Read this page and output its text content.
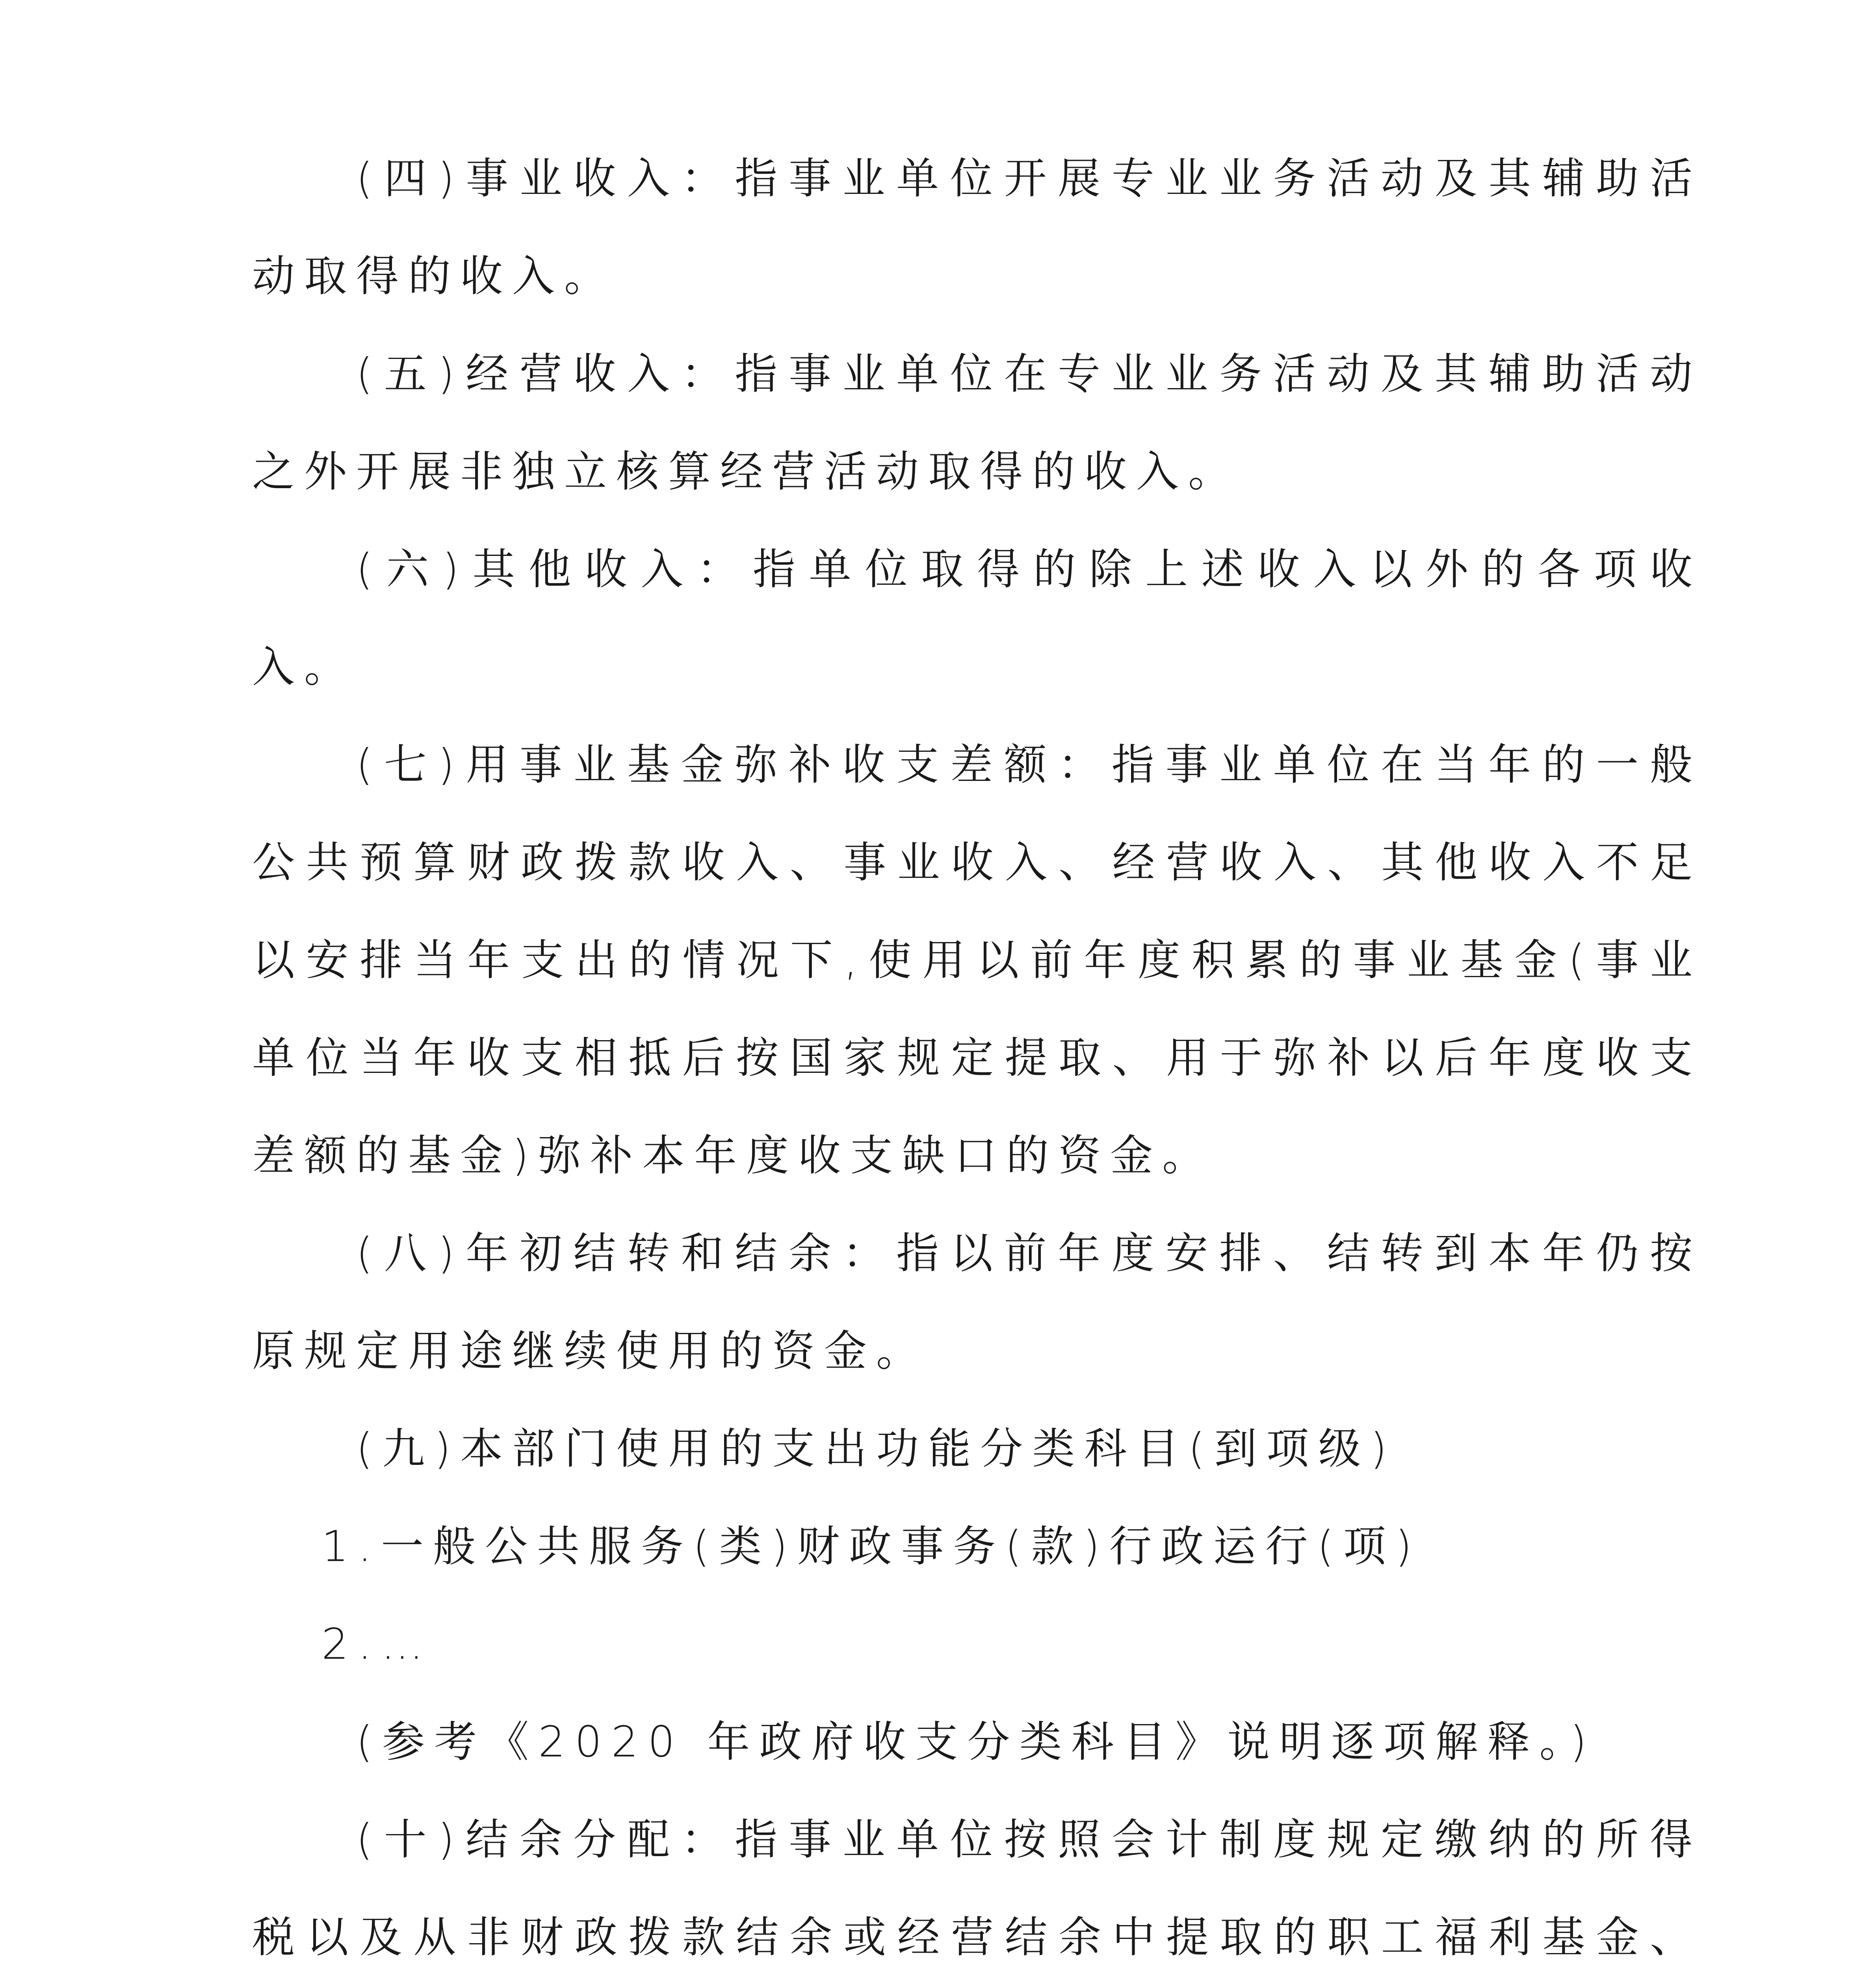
(四)事业收入：指事业单位开展专业业务活动及其辅助活动取得的收入。

(五)经营收入：指事业单位在专业业务活动及其辅助活动之外开展非独立核算经营活动取得的收入。

(六)其他收入：指单位取得的除上述收入以外的各项收入。

(七)用事业基金弥补收支差额：指事业单位在当年的一般公共预算财政拨款收入、事业收入、经营收入、其他收入不足以安排当年支出的情况下,使用以前年度积累的事业基金(事业单位当年收支相抵后按国家规定提取、用于弥补以后年度收支差额的基金)弥补本年度收支缺口的资金。

(八)年初结转和结余：指以前年度安排、结转到本年仍按原规定用途继续使用的资金。

(九)本部门使用的支出功能分类科目(到项级)

1.一般公共服务(类)财政事务(款)行政运行(项)

2.…

(参考《2020 年政府收支分类科目》说明逐项解释。)

(十)结余分配：指事业单位按照会计制度规定缴纳的所得税以及从非财政拨款结余或经营结余中提取的职工福利基金、
